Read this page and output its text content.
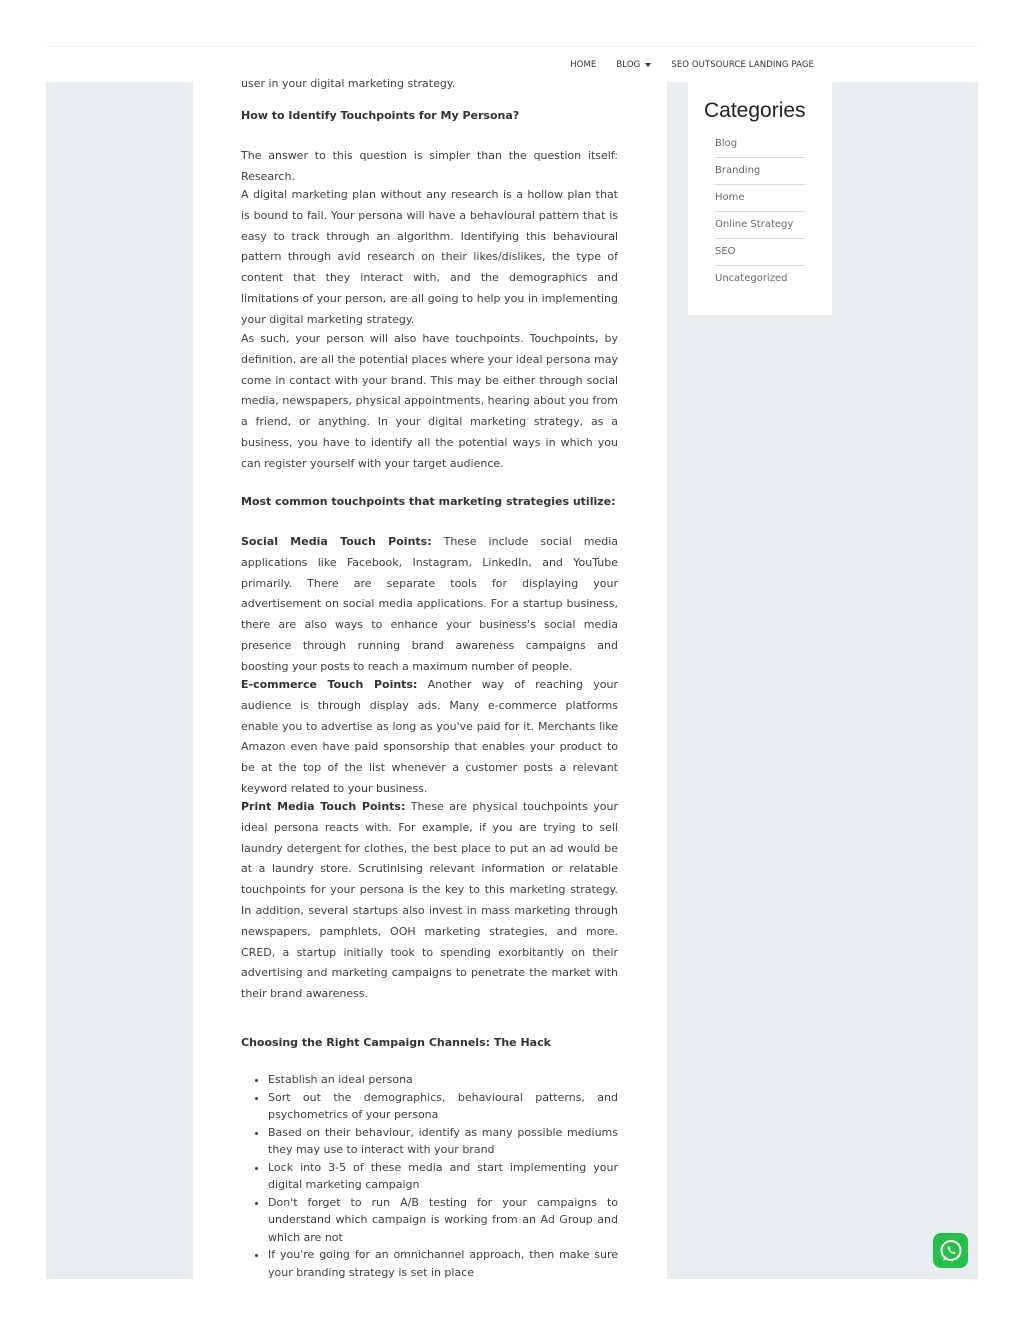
HOME BLOG	SEO OUTSOURCE LANDING PAGE
user in your digital marketing strategy.
How to Identify Touchpoints for My Persona?

The answer to this question is simpler than the question itself: Research.

A digital marketing plan without any research is a hollow plan that is bound to fail. Your persona will have a behavioural pattern that is easy to track through an algorithm. Identifying this behavioural pattern through avid research on their likes/dislikes, the type of content that they interact with, and the demographics and limitations of your person, are all going to help you in implementing your digital marketing strategy.

As such, your person will also have touchpoints. Touchpoints, by definition, are all the potential places where your ideal persona may come in contact with your brand. This may be either through social media, newspapers, physical appointments, hearing about you from a friend, or anything. In your digital marketing strategy, as a business, you have to identify all the potential ways in which you can register yourself with your target audience.

Most common touchpoints that marketing strategies utilize:

Social Media Touch Points: These include social media applications like Facebook, Instagram, LinkedIn, and YouTube primarily. There are separate tools for displaying your advertisement on social media applications. For a startup business, there are also ways to enhance your business's social media presence through running brand awareness campaigns and boosting your posts to reach a maximum number of people.

E-commerce Touch Points: Another way of reaching your audience is through display ads. Many e-commerce platforms enable you to advertise as long as you've paid for it. Merchants like Amazon even have paid sponsorship that enables your product to be at the top of the list whenever a customer posts a relevant keyword related to your business.

Print Media Touch Points: These are physical touchpoints your ideal persona reacts with. For example, if you are trying to sell laundry detergent for clothes, the best place to put an ad would be at a laundry store. Scrutinising relevant information or relatable touchpoints for your persona is the key to this marketing strategy. In addition, several startups also invest in mass marketing through newspapers, pamphlets, OOH marketing strategies, and more. CRED, a startup initially took to spending exorbitantly on their advertising and marketing campaigns to penetrate the market with their brand awareness.

Choosing the Right Campaign Channels: The Hack
• Establish an ideal persona
• Sort out the demographics, behavioural patterns, and psychometrics of your persona
• Based on their behaviour, identify as many possible mediums they may use to interact with your brand
• Lock into 3-5 of these media and start implementing your digital marketing campaign
• Don't forget to run A/B testing for your campaigns to understand which campaign is working from an Ad Group and which are not
• If you're going for an omnichannel approach, then make sure your branding strategy is set in place
Categories
Blog
Branding
Home
Online Strategy
SEO
Uncategorized
